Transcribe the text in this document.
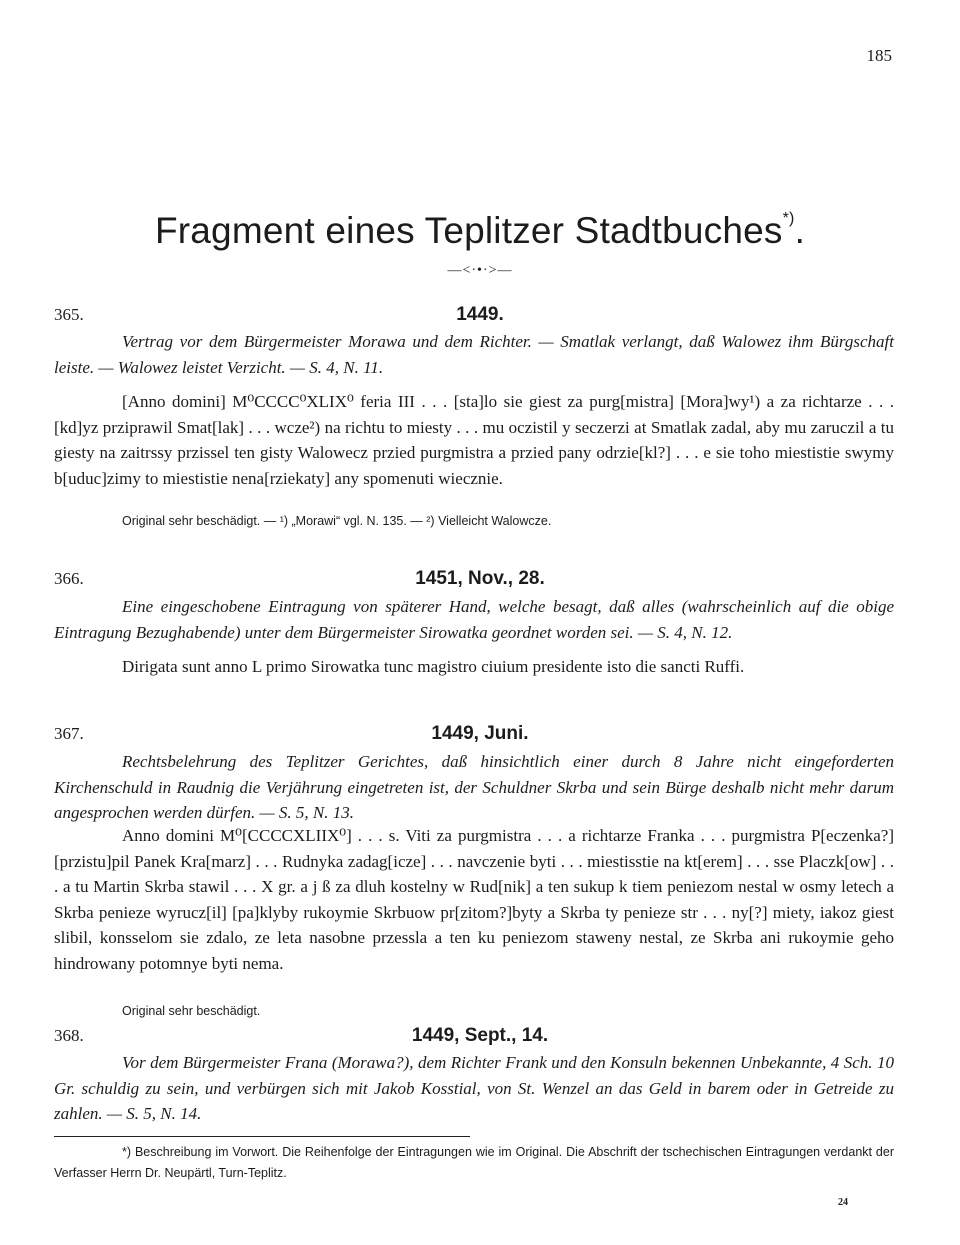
185
Fragment eines Teplitzer Stadtbuches*).
—<·•·>—
365.	1449.

Vertrag vor dem Bürgermeister Morawa und dem Richter. — Smatlak verlangt, daß Walowez ihm Bürgschaft leiste. — Walowez leistet Verzicht. — S. 4, N. 11.

[Anno domini] M⁰CCCC⁰XLIX⁰ feria III . . . [sta]lo sie giest za purg[mistra] [Mora]wy¹) a za richtarze . . . [kd]yz prziprawil Smat[lak] . . . wcze²) na richtu to miesty . . . mu oczistil y seczerzi at Smatlak zadal, aby mu zaruczil a tu giesty na zaitrssy przissel ten gisty Walowecz przied purgmistra a przied pany odrzie[kl?] . . . e sie toho miestistie swymy b[uduc]zimy to miestistie nena[rziekaty] any spomenuti wiecznie.

Original sehr beschädigt. — ¹) „Morawi“ vgl. N. 135. — ²) Vielleicht Walowcze.
366.	1451, Nov., 28.

Eine eingeschobene Eintragung von späterer Hand, welche besagt, daß alles (wahrscheinlich auf die obige Eintragung Bezughabende) unter dem Bürgermeister Sirowatka geordnet worden sei. — S. 4, N. 12.

Dirigata sunt anno L primo Sirowatka tunc magistro ciuium presidente isto die sancti Ruffi.

367.	1449, Juni.

Rechtsbelehrung des Teplitzer Gerichtes, daß hinsichtlich einer durch 8 Jahre nicht eingeforderten Kirchenschuld in Raudnig die Verjährung eingetreten ist, der Schuldner Skrba und sein Bürge deshalb nicht mehr darum angesprochen werden dürfen. — S. 5, N. 13.

Anno domini M⁰[CCCCXLIIX⁰] . . . s. Viti za purgmistra . . . a richtarze Franka . . . purgmistra P[eczenka?] [przistu]pil Panek Kra[marz] . . . Rudnyka zadag[icze] . . . navczenie byti . . . miestisstie na kt[erem] . . . sse Placzk[ow] . . . a tu Martin Skrba stawil . . . X gr. a j ß za dluh kostelny w Rud[nik] a ten sukup k tiem peniezom nestal w osmy letech a Skrba penieze wyrucz[il] [pa]klyby rukoymie Skrbuow pr[zitom?]byty a Skrba ty penieze str . . . ny[?] miety, iakoz giest slibil, konsselom sie zdalo, ze leta nasobne przessla a ten ku peniezom staweny nestal, ze Skrba ani rukoymie geho hindrowany potomnye byti nema.

Original sehr beschädigt.
368.	1449, Sept., 14.

Vor dem Bürgermeister Frana (Morawa?), dem Richter Frank und den Konsuln bekennen Unbekannte, 4 Sch. 10 Gr. schuldig zu sein, und verbürgen sich mit Jakob Kosstial, von St. Wenzel an das Geld in barem oder in Getreide zu zahlen. — S. 5, N. 14.

*) Beschreibung im Vorwort. Die Reihenfolge der Eintragungen wie im Original. Die Abschrift der tschechischen Eintragungen verdankt der Verfasser Herrn Dr. Neupärtl, Turn-Teplitz.

24
